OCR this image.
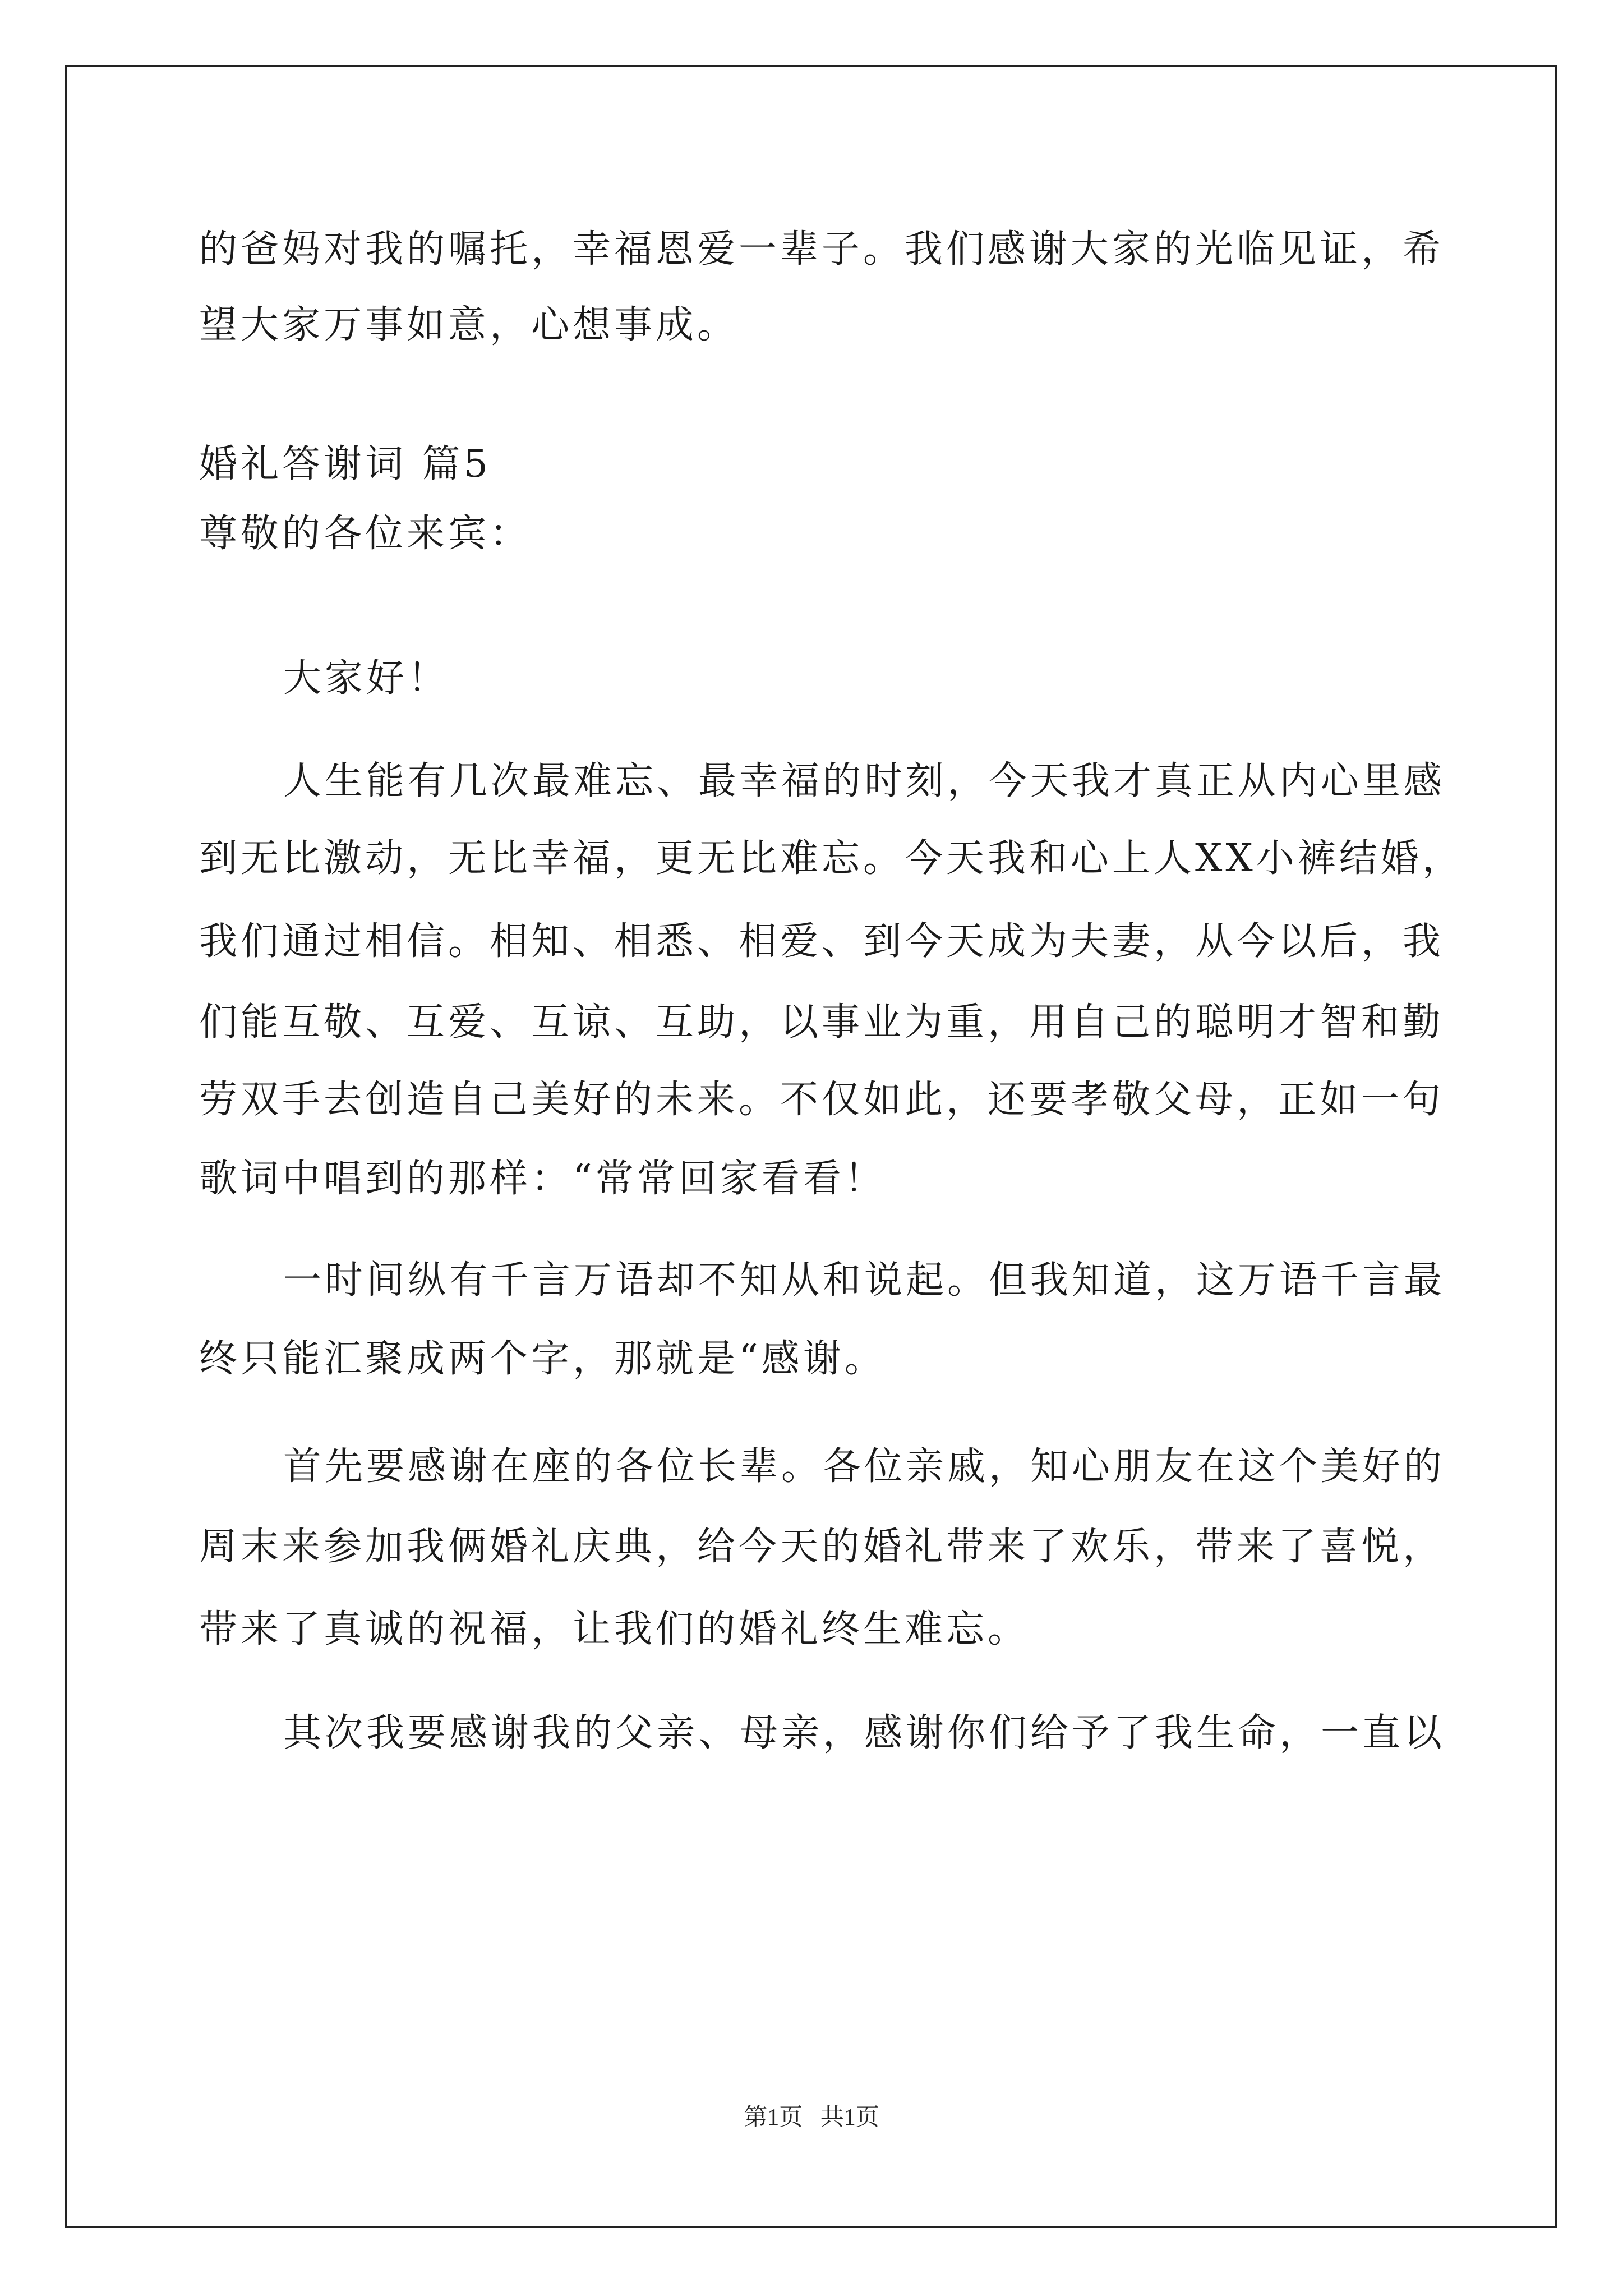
的爸妈对我的嘱托，幸福恩爱一辈子。我们感谢大家的光临见证，希
望大家万事如意，心想事成。
婚礼答谢词 篇5
尊敬的各位来宾：
大家好！
人生能有几次最难忘、最幸福的时刻，今天我才真正从内心里感
到无比激动，无比幸福，更无比难忘。今天我和心上人XX小裤结婚，
我们通过相信。相知、相悉、相爱、到今天成为夫妻，从今以后，我
们能互敬、互爱、互谅、互助，以事业为重，用自己的聪明才智和勤
劳双手去创造自己美好的未来。不仅如此，还要孝敬父母，正如一句
歌词中唱到的那样：“常常回家看看！
一时间纵有千言万语却不知从和说起。但我知道，这万语千言最
终只能汇聚成两个字，那就是“感谢。
首先要感谢在座的各位长辈。各位亲戚，知心朋友在这个美好的
周末来参加我俩婚礼庆典，给今天的婚礼带来了欢乐，带来了喜悦，
带来了真诚的祝福，让我们的婚礼终生难忘。
其次我要感谢我的父亲、母亲，感谢你们给予了我生命，一直以
第1页   共1页
